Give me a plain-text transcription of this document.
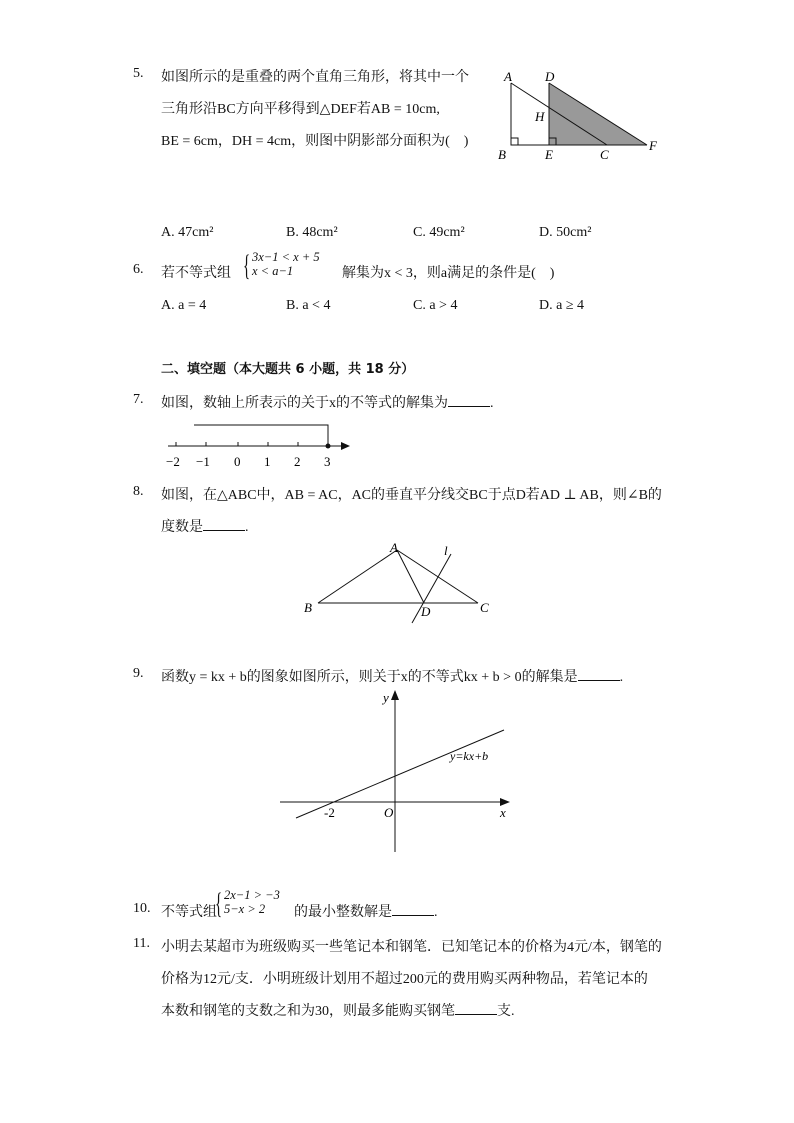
5. 如图所示的是重叠的两个直角三角形，将其中一个
三角形沿BC方向平移得到△DEF若AB = 10cm,
BE = 6cm，DH = 4cm，则图中阴影部分面积为(　)
A	D
H
B	E	C
F
A. 47cm²	B. 48cm²	C. 49cm²	D. 50cm²
6. 若不等式组 { 3x−1 < x + 5
x < a−1	解集为x < 3，则a满足的条件是(　)
A. a = 4	B. a < 4	C. a > 4	D. a ≥ 4
二、填空题（本大题共 6 小题，共 18 分）
7. 如图，数轴上所表示的关于x的不等式的解集为	.
−2 −1 0 1 2 3
8. 如图，在△ABC中，AB = AC，AC的垂直平分线交BC于点D若AD ⊥ AB，则∠B的
度数是	.
A	l
B	D	C
9. 函数y = kx + b的图象如图所示，则关于x的不等式kx + b > 0的解集是	.
y
x
O
-2
y=kx+b
10. 不等式组
{ 2x−1 > −3
5−x > 2 的最小整数解是	.
11. 小明去某超市为班级购买一些笔记本和钢笔．已知笔记本的价格为4元/本，钢笔的
价格为12元/支．小明班级计划用不超过200元的费用购买两种物品，若笔记本的
本数和钢笔的支数之和为30，则最多能购买钢笔	支.
